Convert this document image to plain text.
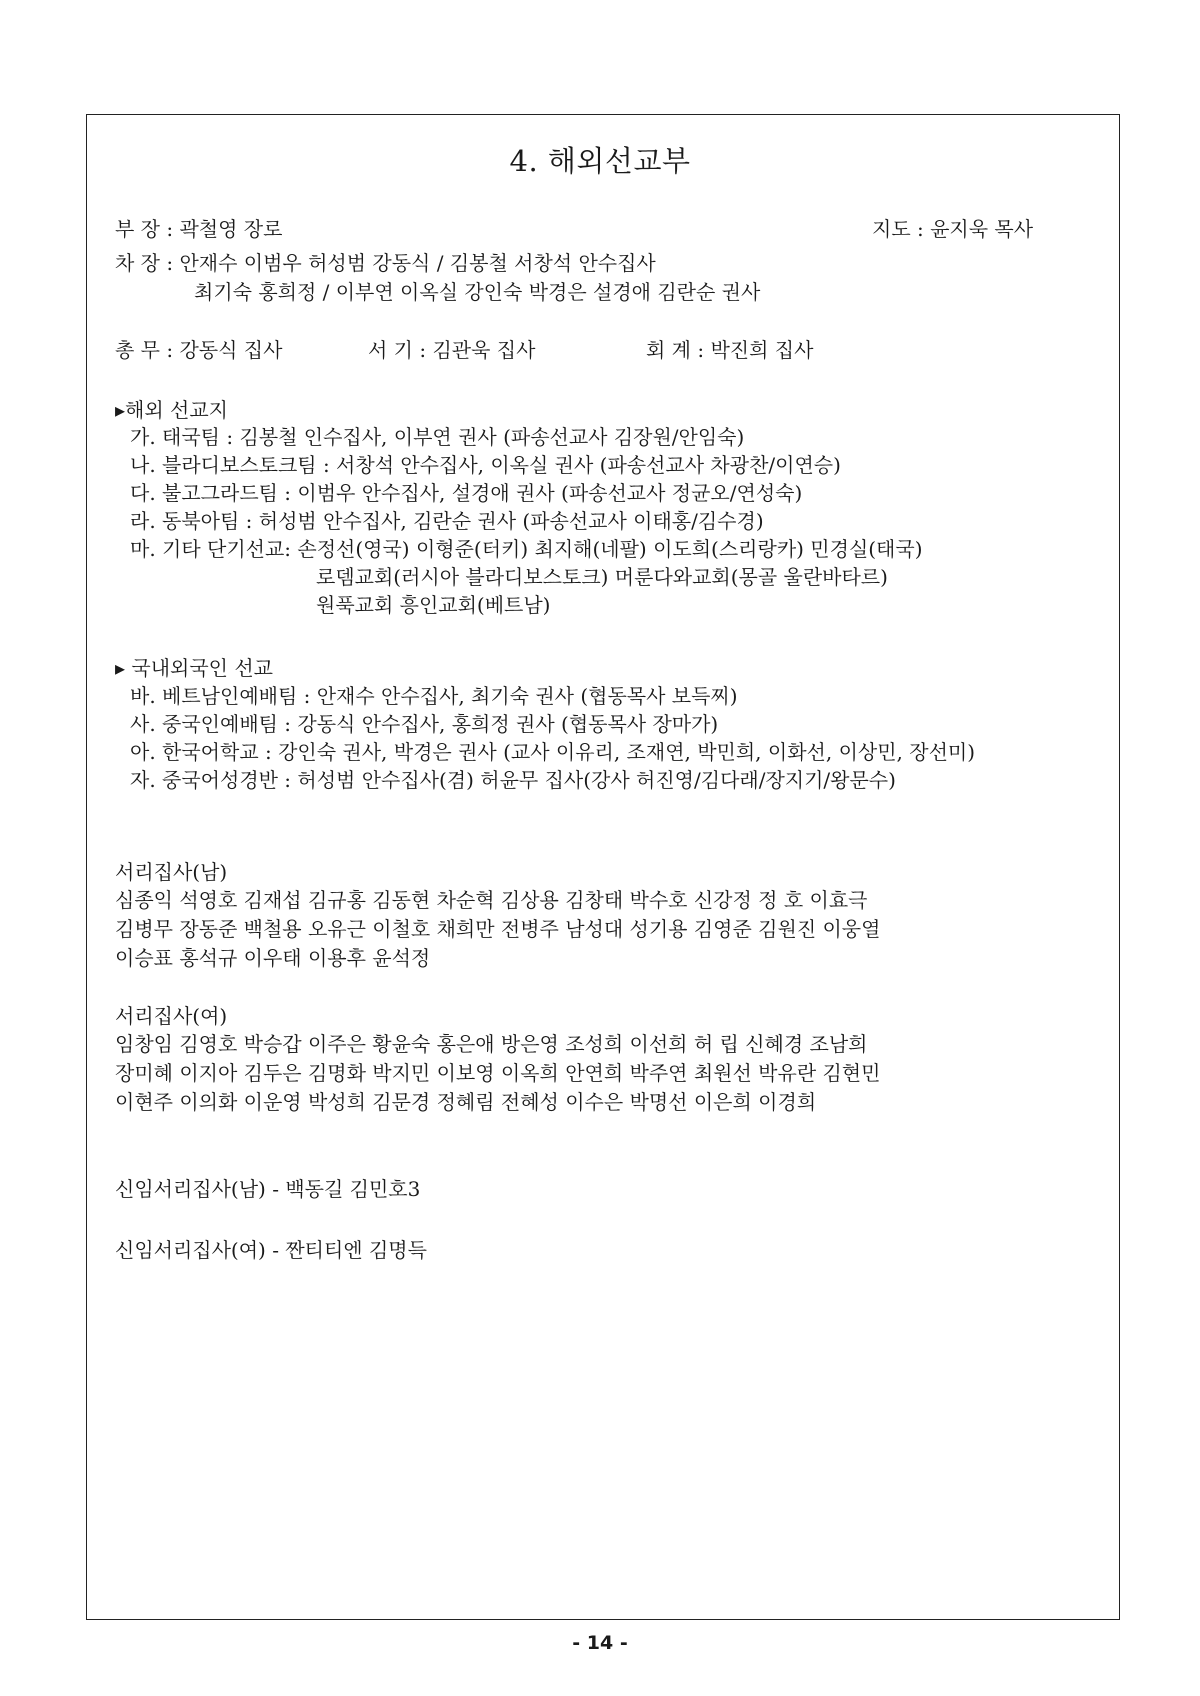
4. 해외선교부
부 장 : 곽철영 장로	지도 : 윤지욱 목사
차 장 : 안재수 이범우 허성범 강동식 / 김봉철 서창석 안수집사
최기숙 홍희정 / 이부연 이옥실 강인숙 박경은 설경애 김란순 권사
총 무 : 강동식 집사	서 기 : 김관욱 집사	회 계 : 박진희 집사
▸해외 선교지
가. 태국팀 : 김봉철 인수집사, 이부연 권사 (파송선교사 김장원/안임숙)
나. 블라디보스토크팀 : 서창석 안수집사, 이옥실 권사 (파송선교사 차광찬/이연승)
다. 불고그라드팀 : 이범우 안수집사, 설경애 권사 (파송선교사 정균오/연성숙)
라. 동북아팀 : 허성범 안수집사, 김란순 권사 (파송선교사 이태홍/김수경)
마. 기타 단기선교: 손정선(영국) 이형준(터키) 최지해(네팔) 이도희(스리랑카) 민경실(태국)
로뎀교회(러시아 블라디보스토크) 머룬다와교회(몽골 울란바타르)
원푹교회 흥인교회(베트남)
▸ 국내외국인 선교
바. 베트남인예배팀 : 안재수 안수집사, 최기숙 권사 (협동목사 보득찌)
사. 중국인예배팀 : 강동식 안수집사, 홍희정 권사 (협동목사 장마가)
아. 한국어학교 : 강인숙 권사, 박경은 권사 (교사 이유리, 조재연, 박민희, 이화선, 이상민, 장선미)
자. 중국어성경반 : 허성범 안수집사(겸) 허윤무 집사(강사 허진영/김다래/장지기/왕문수)
서리집사(남)
심종익 석영호 김재섭 김규홍 김동현 차순혁 김상용 김창태 박수호 신강정 정 호 이효극
김병무 장동준 백철용 오유근 이철호 채희만 전병주 남성대 성기용 김영준 김원진 이웅열
이승표 홍석규 이우태 이용후 윤석정
서리집사(여)
임창임 김영호 박승갑 이주은 황윤숙 홍은애 방은영 조성희 이선희 허 립 신혜경 조남희
장미혜 이지아 김두은 김명화 박지민 이보영 이옥희 안연희 박주연 최원선 박유란 김현민
이현주 이의화 이운영 박성희 김문경 정혜림 전혜성 이수은 박명선 이은희 이경희
신임서리집사(남) - 백동길 김민호3
신임서리집사(여) - 짠티티엔 김명득
- 14 -
